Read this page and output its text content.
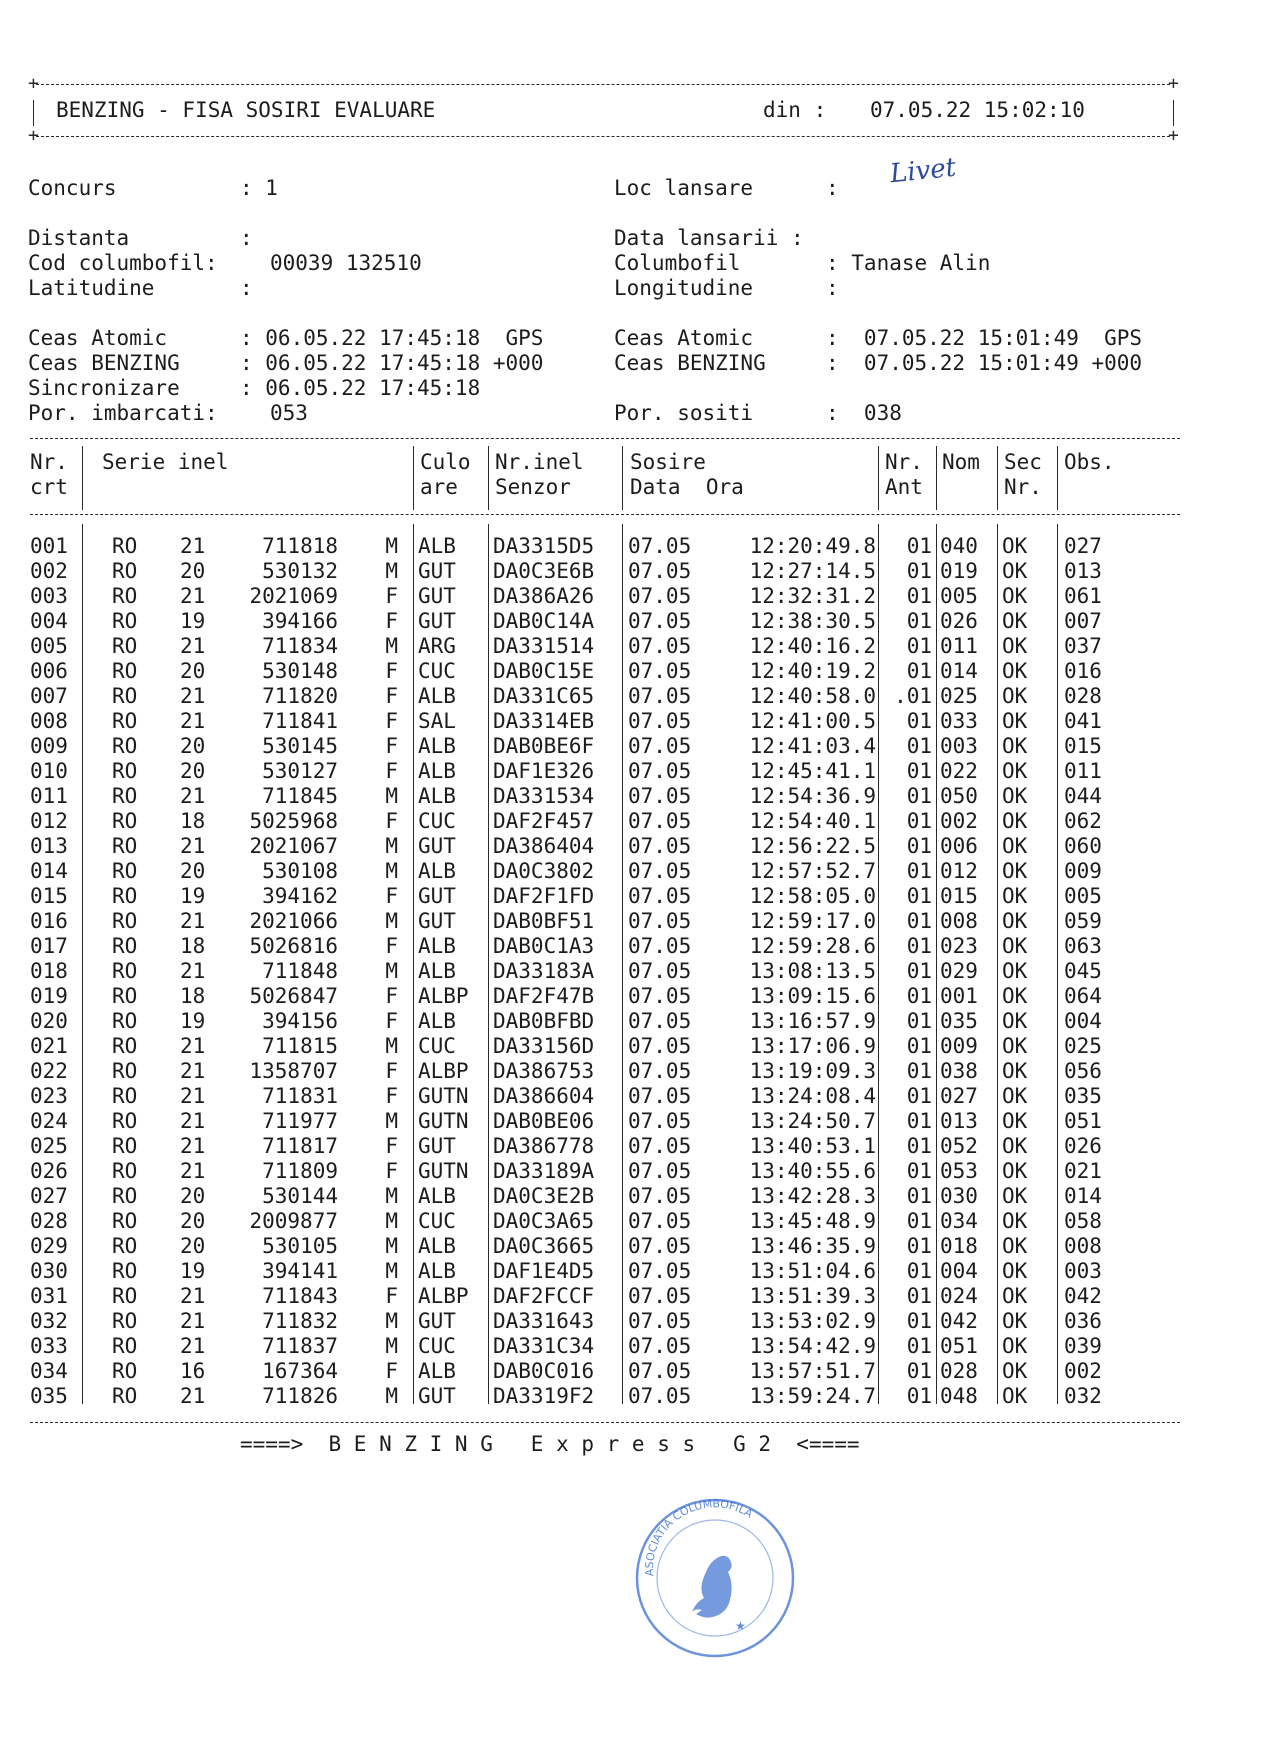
+	+
BENZING - FISA SOSIRI EVALUARE	din : 07.05.22 15:02:10
+	+
Concurs	: 1	Loc lansare	: Livet
Distanta	:
Cod columbofil: 00039 132510
Latitudine	:
Data lansarii :
Columbofil	: Tanase Alin
Longitudine	:
Ceas Atomic	: 06.05.22 17:45:18  GPS
Ceas BENZING	: 06.05.22 17:45:18 +000
Sincronizare	: 06.05.22 17:45:18
Por. imbarcati: 053
Ceas Atomic	:  07.05.22 15:01:49  GPS
Ceas BENZING	:  07.05.22 15:01:49 +000
Por. sositi	:  038
Nr.
crt
Serie inel	Culo
are
Nr.inel
Senzor
Sosire
Data  Ora
Nr.
Ant
Nom Sec
Nr.
Obs.
001	RO	21	711818	M ALB	DA3315D5	07.05	12:20:49.8	01 040	OK	027
002	RO	20	530132	M GUT	DA0C3E6B	07.05	12:27:14.5	01 019	OK	013
003	RO	21	2021069	F GUT	DA386A26	07.05	12:32:31.2	01 005	OK	061
004	RO	19	394166	F GUT	DAB0C14A	07.05	12:38:30.5	01 026	OK	007
005	RO	21	711834	M ARG	DA331514	07.05	12:40:16.2	01 011	OK	037
006	RO	20	530148	F CUC	DAB0C15E	07.05	12:40:19.2	01 014	OK	016
007	RO	21	711820	F ALB	DA331C65	07.05	12:40:58.0 .01 025	OK	028
008	RO	21	711841	F SAL	DA3314EB	07.05	12:41:00.5	01 033	OK	041
009	RO	20	530145	F ALB	DAB0BE6F	07.05	12:41:03.4	01 003	OK	015
010	RO	20	530127	F ALB	DAF1E326	07.05	12:45:41.1	01 022	OK	011
011	RO	21	711845	M ALB	DA331534	07.05	12:54:36.9	01 050	OK	044
012	RO	18	5025968	F CUC	DAF2F457	07.05	12:54:40.1	01 002	OK	062
013	RO	21	2021067	M GUT	DA386404	07.05	12:56:22.5	01 006	OK	060
014	RO	20	530108	M ALB	DA0C3802	07.05	12:57:52.7	01 012	OK	009
015	RO	19	394162	F GUT	DAF2F1FD	07.05	12:58:05.0	01 015	OK	005
016	RO	21	2021066	M GUT	DAB0BF51	07.05	12:59:17.0	01 008	OK	059
017	RO	18	5026816	F ALB	DAB0C1A3	07.05	12:59:28.6	01 023	OK	063
018	RO	21	711848	M ALB	DA33183A	07.05	13:08:13.5	01 029	OK	045
019	RO	18	5026847	F ALBP	DAF2F47B	07.05	13:09:15.6	01 001	OK	064
020	RO	19	394156	F ALB	DAB0BFBD	07.05	13:16:57.9	01 035	OK	004
021	RO	21	711815	M CUC	DA33156D	07.05	13:17:06.9	01 009	OK	025
022	RO	21	1358707	F ALBP	DA386753	07.05	13:19:09.3	01 038	OK	056
023	RO	21	711831	F GUTN	DA386604	07.05	13:24:08.4	01 027	OK	035
024	RO	21	711977	M GUTN	DAB0BE06	07.05	13:24:50.7	01 013	OK	051
025	RO	21	711817	F GUT	DA386778	07.05	13:40:53.1	01 052	OK	026
026	RO	21	711809	F GUTN	DA33189A	07.05	13:40:55.6	01 053	OK	021
027	RO	20	530144	M ALB	DA0C3E2B	07.05	13:42:28.3	01 030	OK	014
028	RO	20	2009877	M CUC	DA0C3A65	07.05	13:45:48.9	01 034	OK	058
029	RO	20	530105	M ALB	DA0C3665	07.05	13:46:35.9	01 018	OK	008
030	RO	19	394141	M ALB	DAF1E4D5	07.05	13:51:04.6	01 004	OK	003
031	RO	21	711843	F ALBP	DAF2FCCF	07.05	13:51:39.3	01 024	OK	042
032	RO	21	711832	M GUT	DA331643	07.05	13:53:02.9	01 042	OK	036
033	RO	21	711837	M CUC	DA331C34	07.05	13:54:42.9	01 051	OK	039
034	RO	16	167364	F ALB	DAB0C016	07.05	13:57:51.7	01 028	OK	002
035	RO	21	711826	M GUT	DA3319F2	07.05	13:59:24.7	01 048	OK	032
====>  B E N Z I N G   E x p r e s s   G 2  <====
ASOCIATIA COLUMBOFILA
★
